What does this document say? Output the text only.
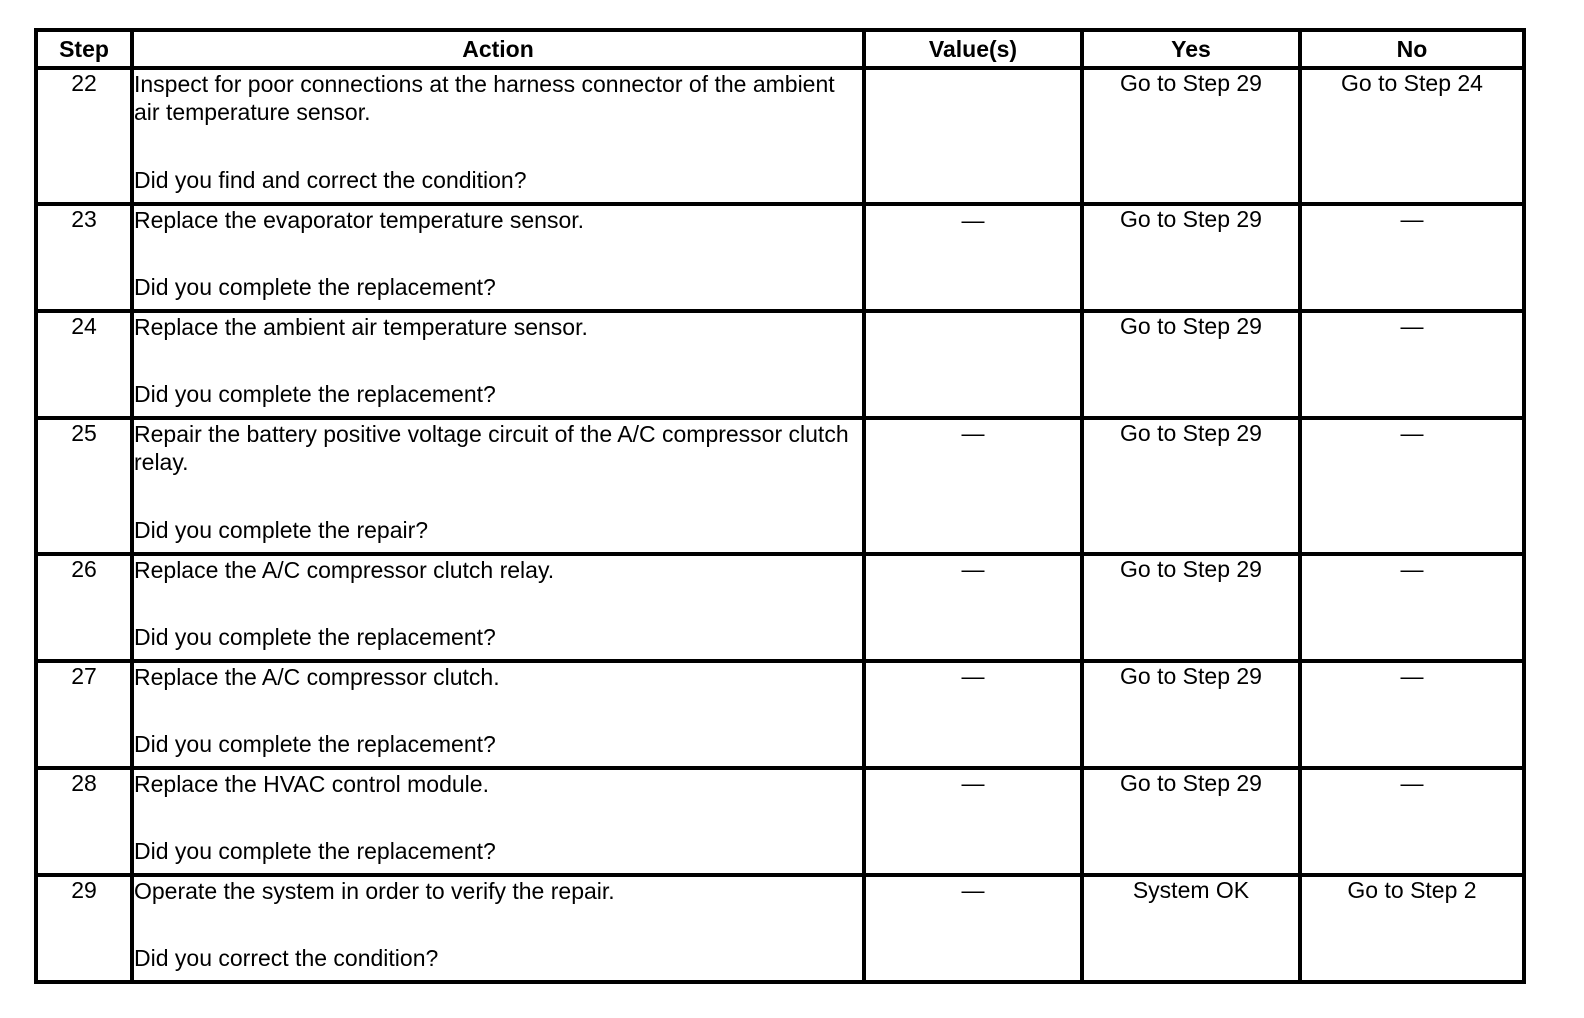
Step	Action	Value(s)	Yes	No
22	Inspect for poor connections at the harness connector of the ambient air temperature sensor.
Did you find and correct the condition?		Go to Step 29	Go to Step 24
23	Replace the evaporator temperature sensor.
Did you complete the replacement?	—	Go to Step 29	—
24	Replace the ambient air temperature sensor.
Did you complete the replacement?		Go to Step 29	—
25	Repair the battery positive voltage circuit of the A/C compressor clutch relay.
Did you complete the repair?	—	Go to Step 29	—
26	Replace the A/C compressor clutch relay.
Did you complete the replacement?	—	Go to Step 29	—
27	Replace the A/C compressor clutch.
Did you complete the replacement?	—	Go to Step 29	—
28	Replace the HVAC control module.
Did you complete the replacement?	—	Go to Step 29	—
29	Operate the system in order to verify the repair.
Did you correct the condition?	—	System OK	Go to Step 2
